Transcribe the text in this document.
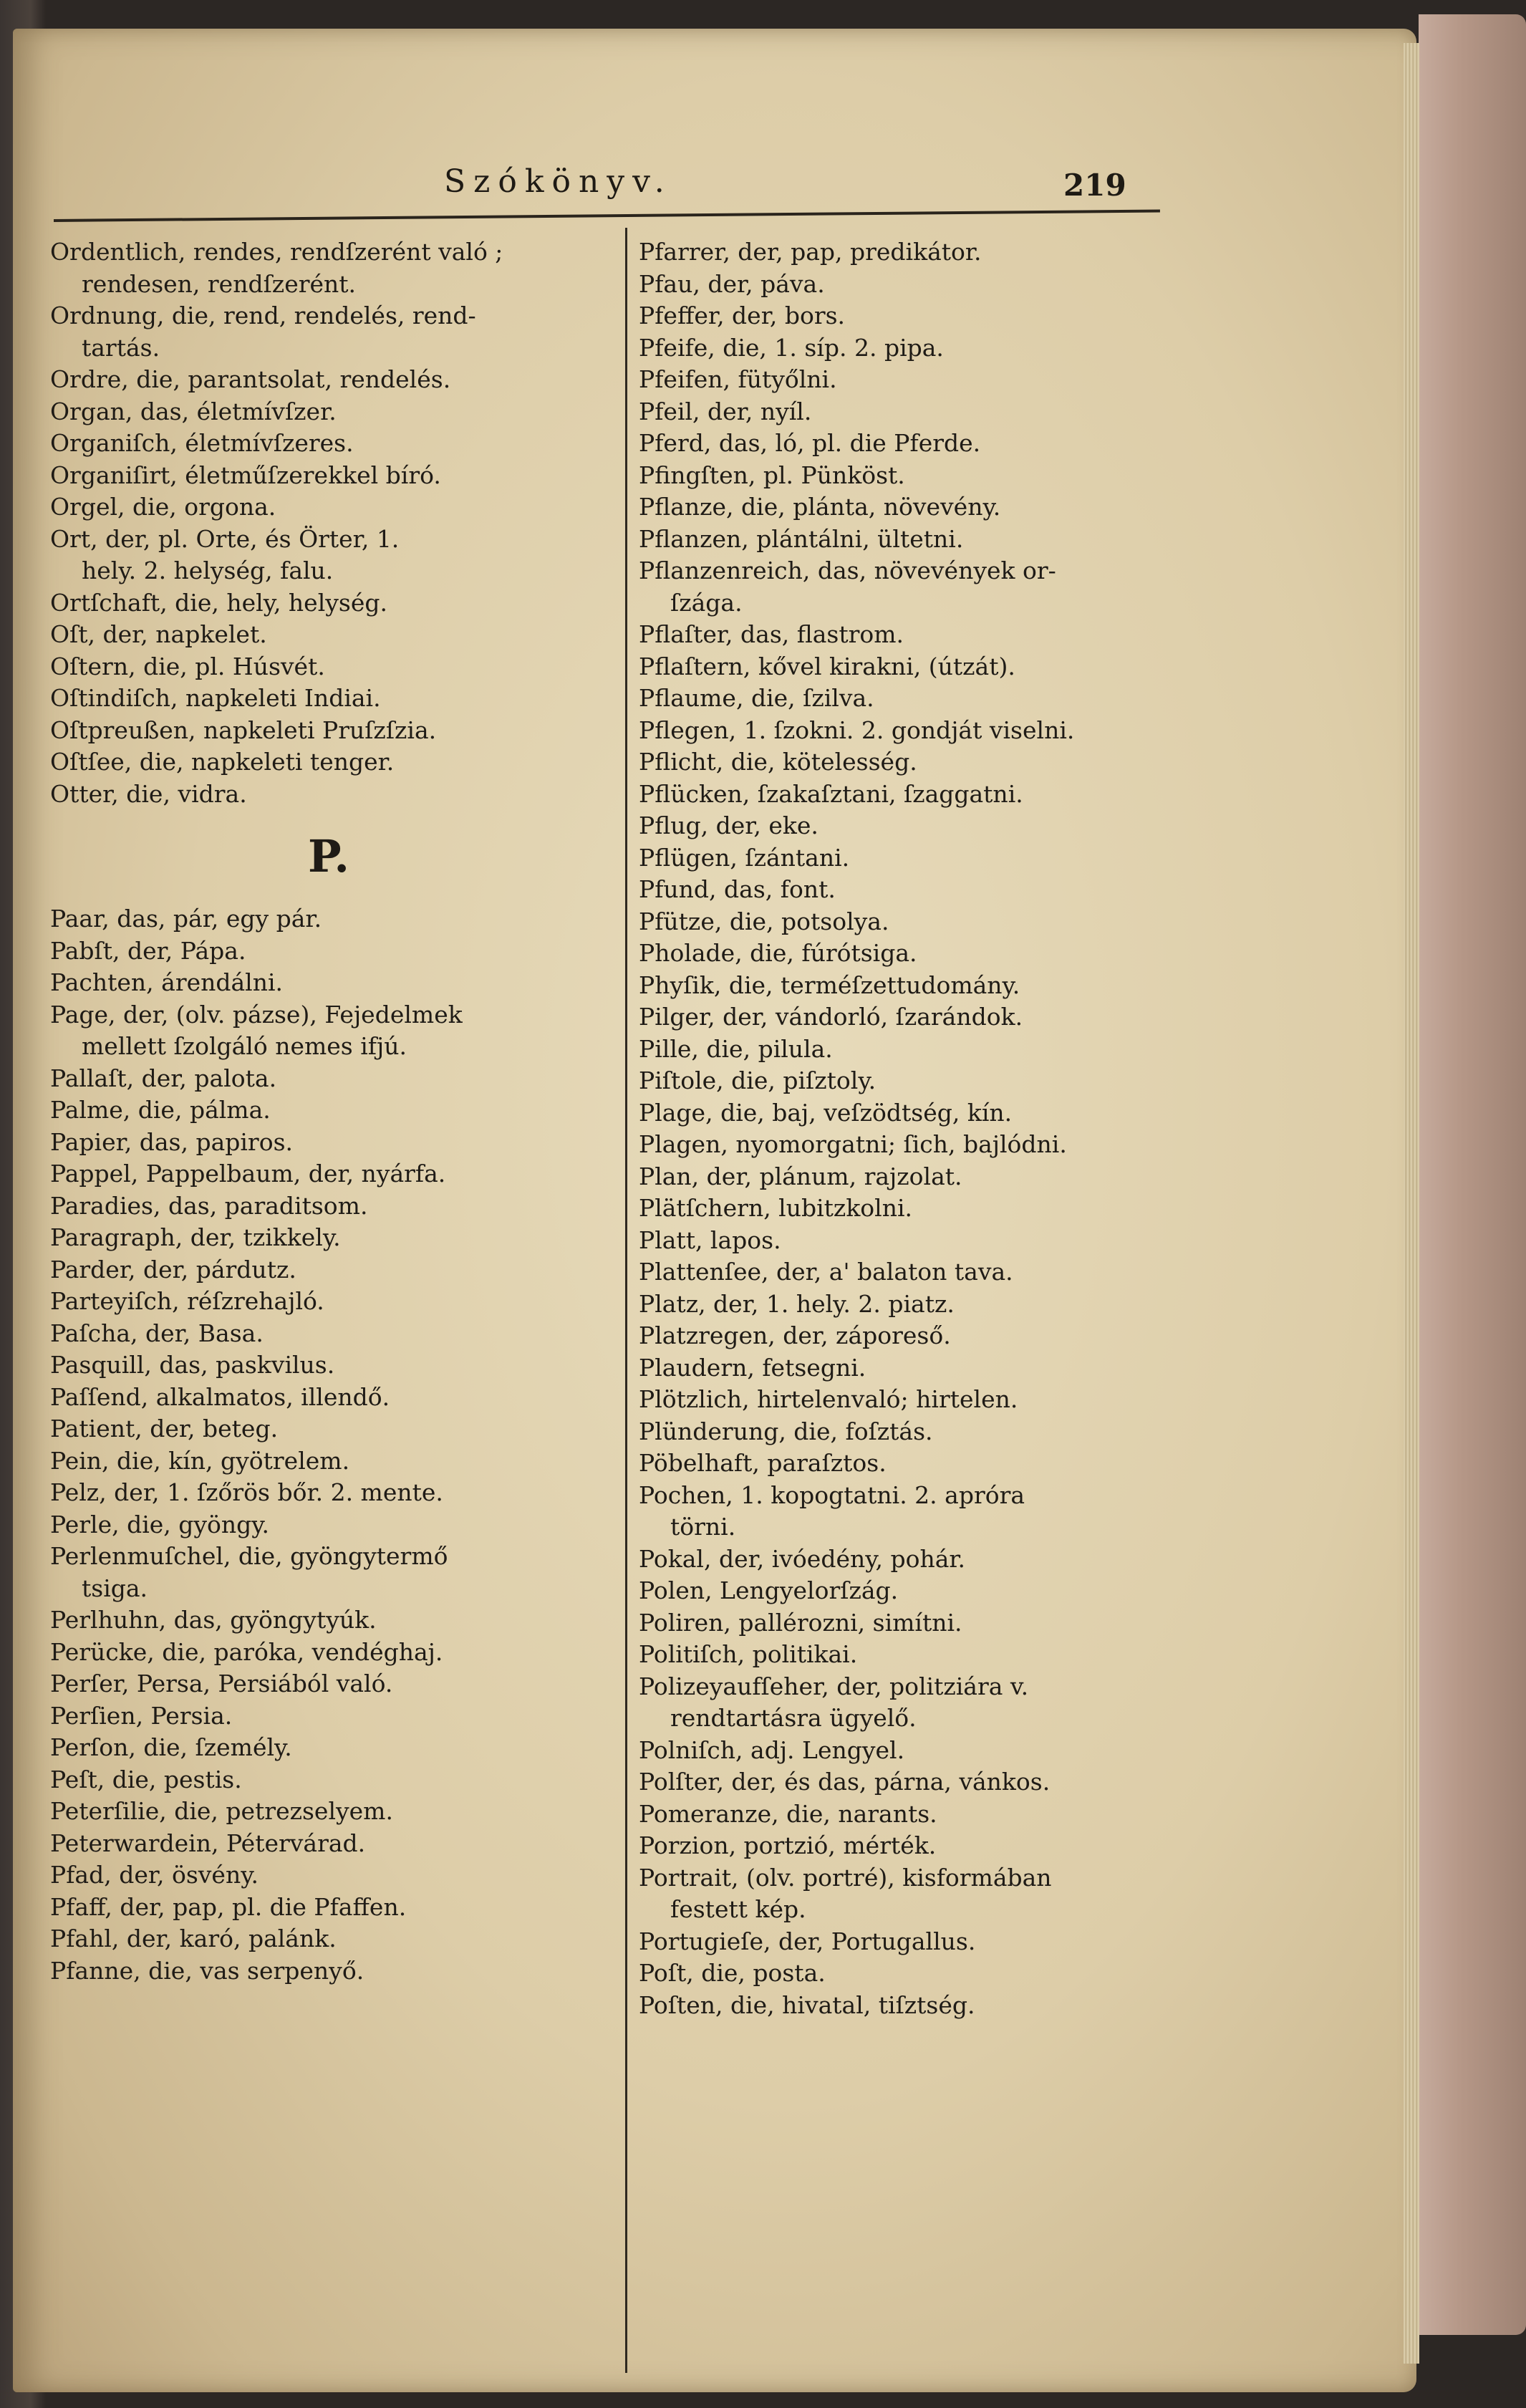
Szókönyv.	219
Ordentlich, rendes, rendſzerént való ;
rendesen, rendſzerént.
Ordnung, die, rend, rendelés, rend-
tartás.
Ordre, die, parantsolat, rendelés.
Organ, das, életmívſzer.
Organiſch, életmívſzeres.
Organiſirt, életműſzerekkel bíró.
Orgel, die, orgona.
Ort, der, pl. Orte, és Örter, 1.
hely. 2. helység, falu.
Ortſchaft, die, hely, helység.
Oſt, der, napkelet.
Oſtern, die, pl. Húsvét.
Oſtindiſch, napkeleti Indiai.
Oſtpreußen, napkeleti Pruſzſzia.
Oſtſee, die, napkeleti tenger.
Otter, die, vidra.
P.
Paar, das, pár, egy pár.
Pabſt, der, Pápa.
Pachten, árendálni.
Page, der, (olv. pázse), Fejedelmek
mellett ſzolgáló nemes ifjú.
Pallaſt, der, palota.
Palme, die, pálma.
Papier, das, papiros.
Pappel, Pappelbaum, der, nyárfa.
Paradies, das, paraditsom.
Paragraph, der, tzikkely.
Parder, der, párdutz.
Parteyiſch, réſzrehajló.
Paſcha, der, Basa.
Pasquill, das, paskvilus.
Paſſend, alkalmatos, illendő.
Patient, der, beteg.
Pein, die, kín, gyötrelem.
Pelz, der, 1. ſzőrös bőr. 2. mente.
Perle, die, gyöngy.
Perlenmuſchel, die, gyöngytermő
tsiga.
Perlhuhn, das, gyöngytyúk.
Perücke, die, paróka, vendéghaj.
Perſer, Persa, Persiából való.
Perſien, Persia.
Perſon, die, ſzemély.
Peſt, die, pestis.
Peterſilie, die, petrezselyem.
Peterwardein, Pétervárad.
Pfad, der, ösvény.
Pfaff, der, pap, pl. die Pfaffen.
Pfahl, der, karó, palánk.
Pfanne, die, vas serpenyő.
Pfarrer, der, pap, predikátor.
Pfau, der, páva.
Pfeffer, der, bors.
Pfeife, die, 1. síp. 2. pipa.
Pfeifen, fütyőlni.
Pfeil, der, nyíl.
Pferd, das, ló, pl. die Pferde.
Pfingſten, pl. Pünköst.
Pflanze, die, plánta, növevény.
Pflanzen, plántálni, ültetni.
Pflanzenreich, das, növevények or-
ſzága.
Pflaſter, das, flastrom.
Pflaſtern, kővel kirakni, (útzát).
Pflaume, die, ſzilva.
Pflegen, 1. ſzokni. 2. gondját viselni.
Pflicht, die, kötelesség.
Pflücken, ſzakaſztani, ſzaggatni.
Pflug, der, eke.
Pflügen, ſzántani.
Pfund, das, font.
Pfütze, die, potsolya.
Pholade, die, fúrótsiga.
Phyſik, die, terméſzettudomány.
Pilger, der, vándorló, ſzarándok.
Pille, die, pilula.
Piſtole, die, piſztoly.
Plage, die, baj, veſzödtség, kín.
Plagen, nyomorgatni; ſich, bajlódni.
Plan, der, plánum, rajzolat.
Plätſchern, lubitzkolni.
Platt, lapos.
Plattenſee, der, a' balaton tava.
Platz, der, 1. hely. 2. piatz.
Platzregen, der, záporeső.
Plaudern, fetsegni.
Plötzlich, hirtelenvaló; hirtelen.
Plünderung, die, foſztás.
Pöbelhaft, paraſztos.
Pochen, 1. kopogtatni. 2. apróra
törni.
Pokal, der, ivóedény, pohár.
Polen, Lengyelorſzág.
Poliren, pallérozni, simítni.
Politiſch, politikai.
Polizeyaufſeher, der, politziára v.
rendtartásra ügyelő.
Polniſch, adj. Lengyel.
Polſter, der, és das, párna, vánkos.
Pomeranze, die, narants.
Porzion, portzió, mérték.
Portrait, (olv. portré), kisformában
festett kép.
Portugieſe, der, Portugallus.
Poſt, die, posta.
Poſten, die, hivatal, tiſztség.
